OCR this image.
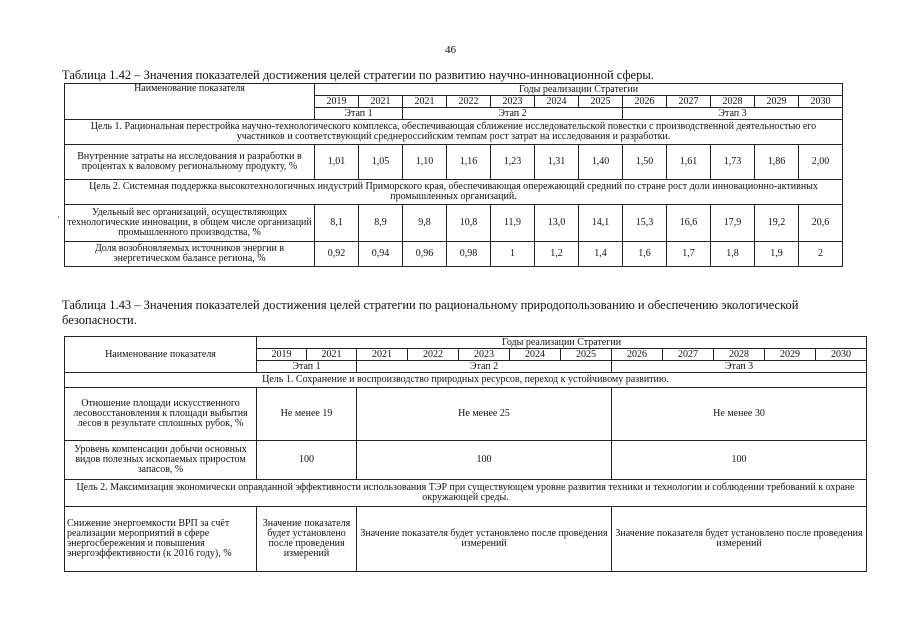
46
·
Таблица 1.42 – Значения показателей достижения целей стратегии по развитию научно-инновационной сферы.
Наименование показателя	Годы реализации Стратегии											
	2019	2021	2021	2022	2023	2024	2025	2026	2027	2028	2029	2030
	Этап 1		Этап 2					Этап 3				
Цель 1. Рациональная перестройка научно-технологического комплекса, обеспечивающая сближение исследовательской повестки с производственной деятельностью его участников и соответствующий среднероссийским темпам рост затрат на исследования и разработки.												
Внутренние затраты на исследования и разработки в процентах к валовому региональному продукту, %	1,01	1,05	1,10	1,16	1,23	1,31	1,40	1,50	1,61	1,73	1,86	2,00
Цель 2. Системная поддержка высокотехнологичных индустрий Приморского края, обеспечивающая опережающий средний по стране рост доли инновационно-активных промышленных организаций.												
Удельный вес организаций, осуществляющих технологические инновации, в общем числе организаций промышленного производства, %	8,1	8,9	9,8	10,8	11,9	13,0	14,1	15,3	16,6	17,9	19,2	20,6
Доля возобновляемых источников энергии в энергетическом балансе региона, %	0,92	0,94	0,96	0,98	1	1,2	1,4	1,6	1,7	1,8	1,9	2
Таблица 1.43 – Значения показателей достижения целей стратегии по рациональному природопользованию и обеспечению экологической безопасности.
Наименование показателя	Годы реализации Стратегии											
	2019	2021	2021	2022	2023	2024	2025	2026	2027	2028	2029	2030
	Этап 1		Этап 2					Этап 3				
Цель 1. Сохранение и воспроизводство природных ресурсов, переход к устойчивому развитию.												
Отношение площади искусственного лесовосстановления к площади выбытия лесов в результате сплошных рубок, %	Не менее 19		Не менее 25					Не менее 30				
Уровень компенсации добычи основных видов полезных ископаемых приростом запасов, %	100		100					100				
Цель 2. Максимизация экономически оправданной эффективности использования ТЭР при существующем уровне развития техники и технологии и соблюдении требований к охране окружающей среды.												
Снижение энергоемкости ВРП за счёт реализации мероприятий в сфере энергосбережения и повышения энергоэффективности (к 2016 году), %	Значение показателя будет установлено после проведения измерений		Значение показателя будет установлено после проведения измерений					Значение показателя будет установлено после проведения измерений				
